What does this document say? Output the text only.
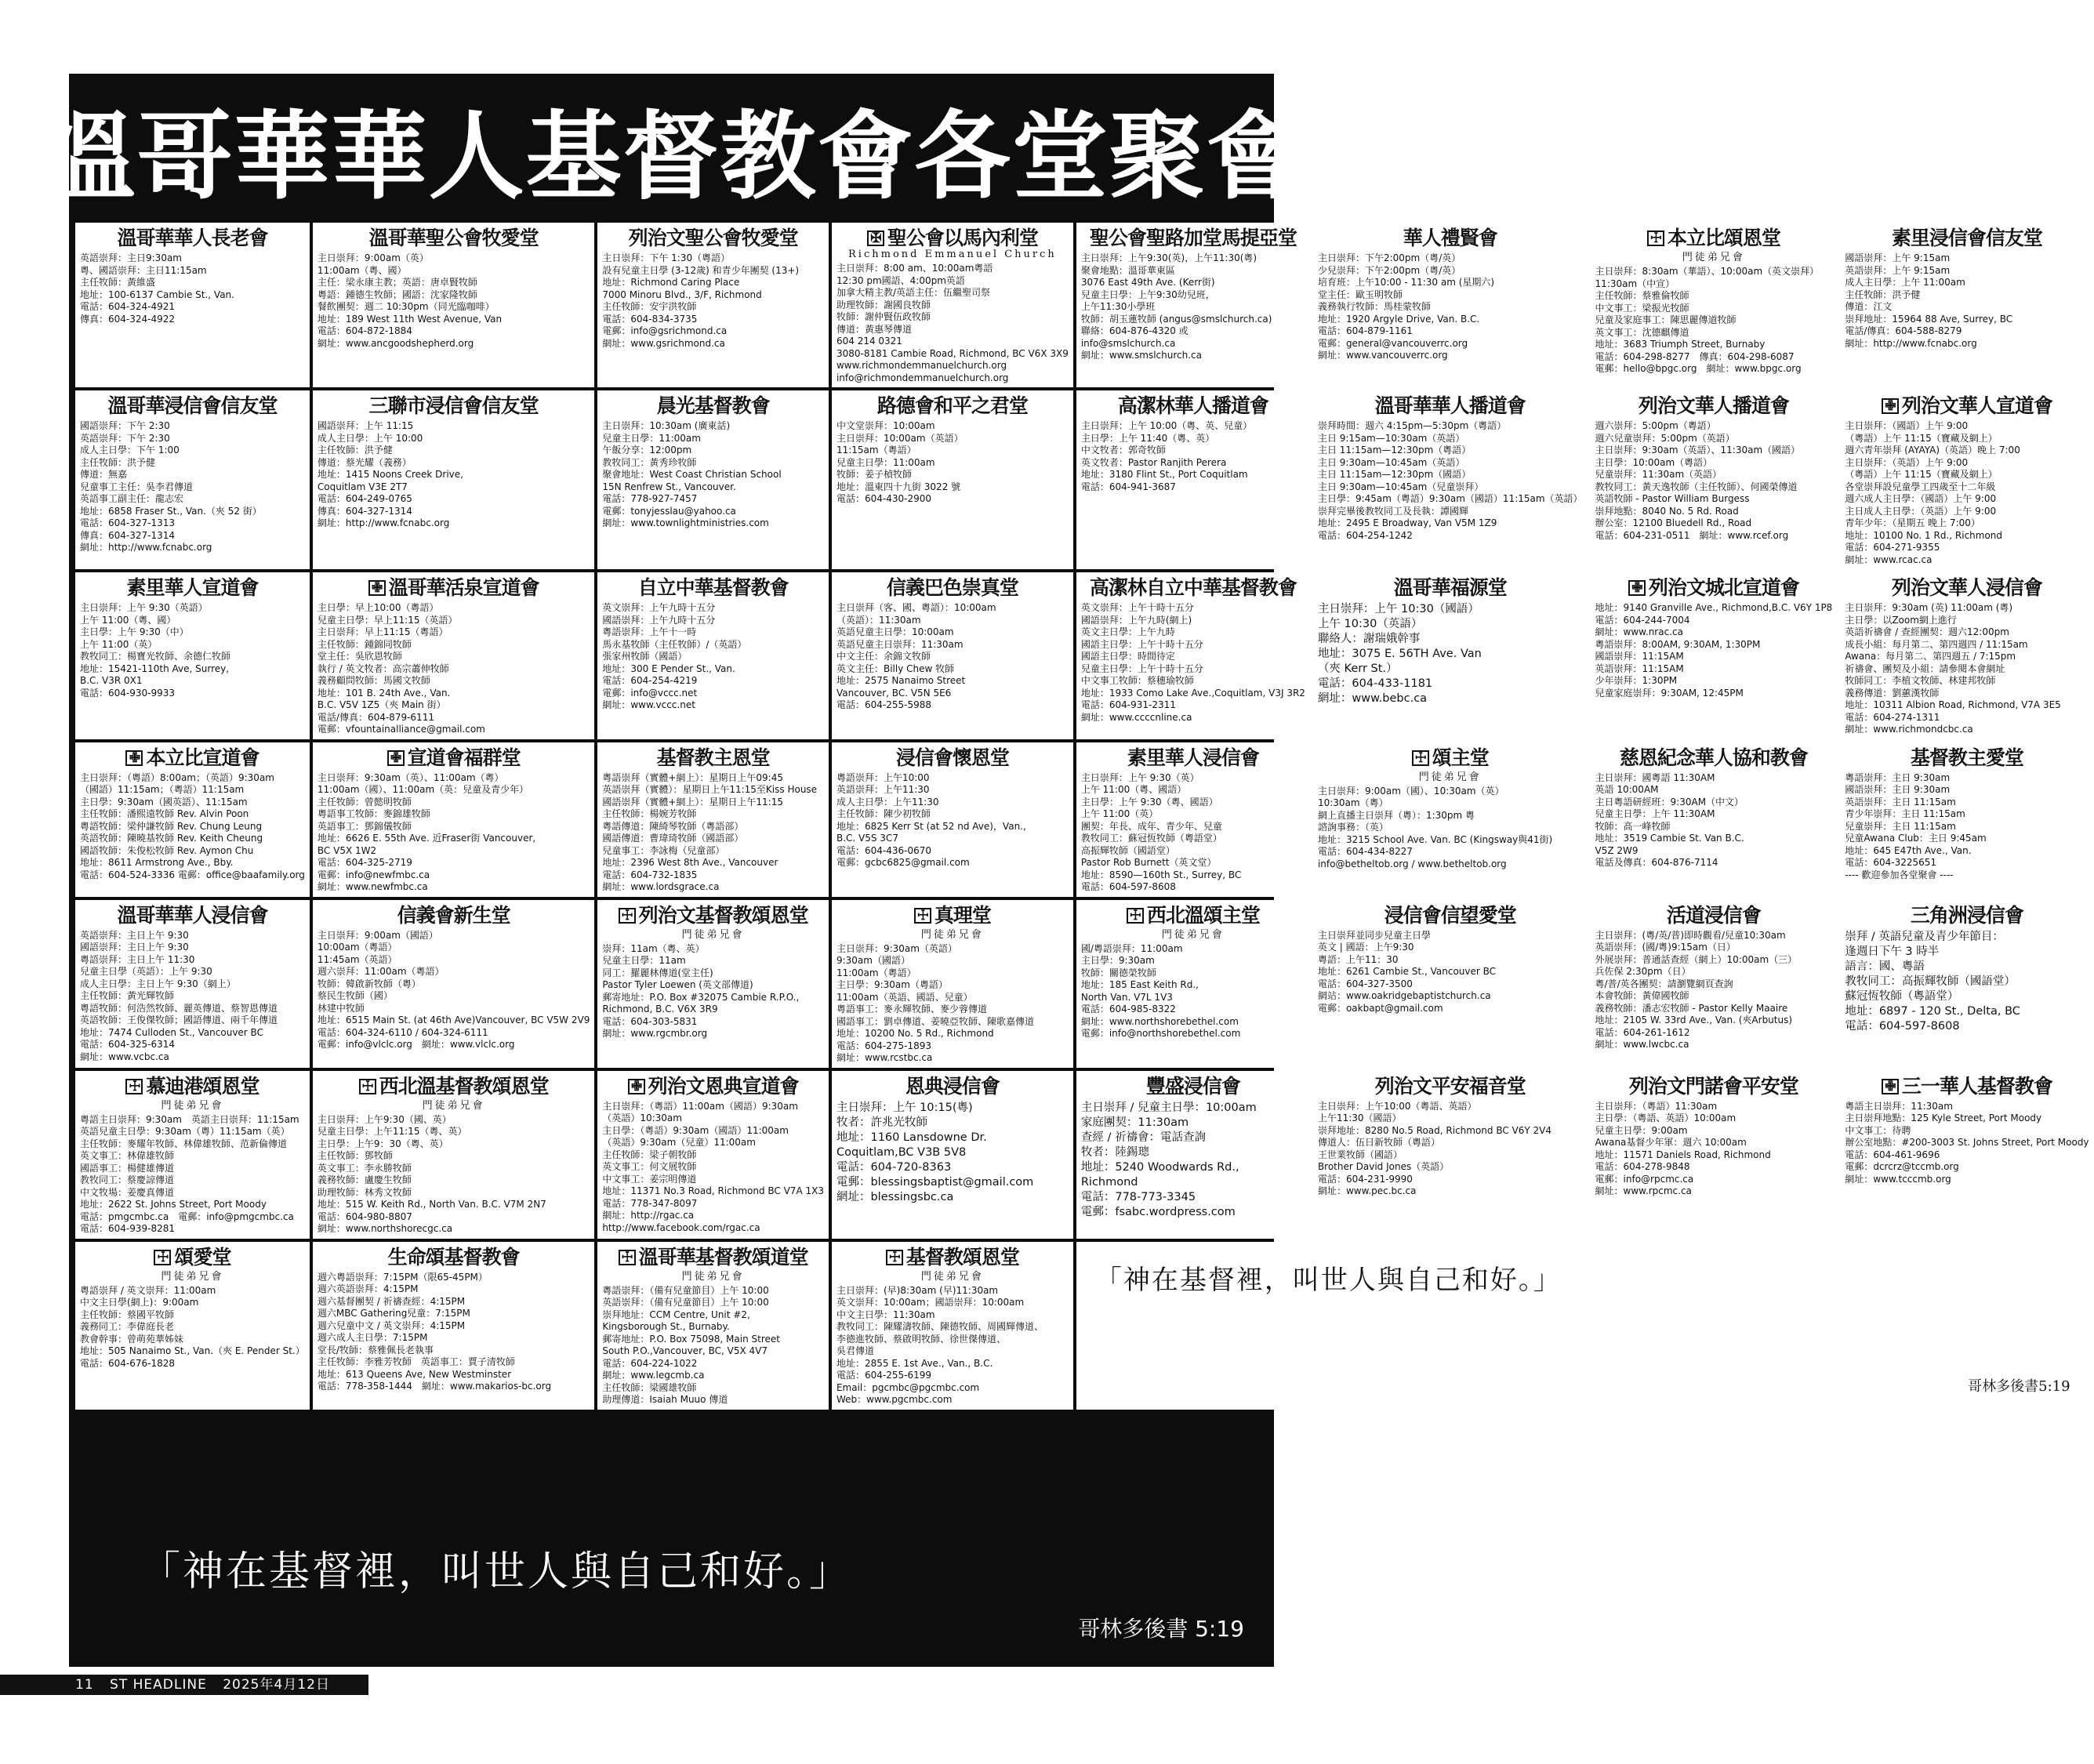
溫哥華華人基督教會各堂聚會
溫哥華華人長老會
英語崇拜：主日9:30am
粵、國語崇拜：主日11:15am
主任牧師：黃維盛
地址：100-6137 Cambie St., Van.
電話：604-324-4921
傳真：604-324-4922
溫哥華聖公會牧愛堂
主日崇拜：9:00am（英）
11:00am（粵、國）
主任：梁永康主教；英語：唐卓賢牧師
粵語：鍾德生牧師；國語：沈家隆牧師
餐飲團契：週二 10:30pm（同光臨咖啡）
地址：189 West 11th West Avenue, Van
電話：604-872-1884
網址：www.ancgoodshepherd.org
列治文聖公會牧愛堂
主日崇拜：下午 1:30（粵語）
設有兒童主日學 (3-12歲) 和青少年團契 (13+)
地址：Richmond Caring Place
7000 Minoru Blvd., 3/F, Richmond
主任牧師：安宇洪牧師
電話：604-834-3735
電郵：info@gsrichmond.ca
網址：www.gsrichmond.ca
✠ 聖公會以馬內利堂
Richmond Emmanuel Church
主日崇拜：8:00 am、10:00am粵語
12:30 pm國語、4:00pm英語
加拿大精主教/英語主任：伍繼聖司祭
助理牧師：謝國良牧師
牧師：謝仲賢伍政牧師
傳道：黃惠琴傳道
604 214 0321
3080-8181 Cambie Road, Richmond, BC V6X 3X9
www.richmondemmanuelchurch.org
info@richmondemmanuelchurch.org
聖公會聖路加堂馬提亞堂
主日崇拜：上午9:30(英)，上午11:30(粵)
聚會地點：溫哥華東區
3076 East 49th Ave. (Kerr街)
兒童主日學：上午9:30幼兒班，
上午11:30小學班
牧師：胡玉蓮牧師 (angus@smslchurch.ca)
聯絡：604-876-4320 或
info@smslchurch.ca
網址：www.smslchurch.ca
華人禮賢會
主日崇拜：下午2:00pm（粵/英）
少兒崇拜：下午2:00pm（粵/英）
培育班：上午10:00 - 11:30 am (星期六)
堂主任：歐玉明牧師
義務執行牧師：馬桂蒙牧師
地址：1920 Argyle Drive, Van. B.C.
電話：604-879-1161
電郵：general@vancouverrc.org
網址：www.vancouverrc.org
☩ 本立比頌恩堂
門徒弟兄會
主日崇拜：8:30am（華語）、10:00am（英文崇拜）
11:30am（中宣）
主任牧師：蔡雅倫牧師
中文事工：梁振光牧師
兒童及家庭事工：陳思麗傳道牧師
英文事工：沈德麒傳道
地址：3683 Triumph Street, Burnaby
電話：604-298-8277　傳真：604-298-6087
電郵：hello@bpgc.org　網址：www.bpgc.org
素里浸信會信友堂
國語崇拜：上午 9:15am
英語崇拜：上午 9:15am
成人主日學：上午 11:00am
主任牧師：洪予健
傳道：江文
崇拜地址：15964 88 Ave, Surrey, BC
電話/傳真：604-588-8279
網址：http://www.fcnabc.org
溫哥華浸信會信友堂
國語崇拜：下午 2:30
英語崇拜：下午 2:30
成人主日學：下午 1:00
主任牧師：洪予健
傳道：無嘉
兒童事工主任：吳李君傳道
英語事工副主任：龍志宏
地址：6858 Fraser St., Van.（夾 52 街）
電話：604-327-1313
傳真：604-327-1314
網址：http://www.fcnabc.org
三聯市浸信會信友堂
國語崇拜：上午 11:15
成人主日學：上午 10:00
主任牧師：洪予健
傳道：蔡光耀（義務）
地址：1415 Noons Creek Drive,
Coquitlam V3E 2T7
電話：604-249-0765
傳真：604-327-1314
網址：http://www.fcnabc.org
晨光基督教會
主日崇拜：10:30am (廣東話)
兒童主日學：11:00am
午飯分享：12:00pm
教牧同工：黃秀珍牧師
聚會地址：West Coast Christian School
15N Renfrew St., Vancouver.
電話：778-927-7457
電郵：tonyjesslau@yahoo.ca
網址：www.townlightministries.com
路德會和平之君堂
中文堂崇拜：10:00am
主日崇拜：10:00am（英語）
11:15am（粵語）
兒童主日學：11:00am
牧師：姜子楨牧師
地址：溫東四十九街 3022 號
電話：604-430-2900
高潔林華人播道會
主日崇拜：上午 10:00（粵、英、兒童）
主日學：上午 11:40（粵、英）
中文牧者：郭奇牧師
英文牧者：Pastor Ranjith Perera
地址：3180 Flint St., Port Coquitlam
電話：604-941-3687
溫哥華華人播道會
崇拜時間：週六 4:15pm—5:30pm（粵語）
主日 9:15am—10:30am（英語）
主日 11:15am—12:30pm（粵語）
主日 9:30am—10:45am（英語）
主日 11:15am—12:30pm（國語）
主日 9:30am—10:45am（兒童崇拜）
主日學：9:45am（粵語）9:30am（國語）11:15am（英語）
崇拜完畢後教牧同工及長執：譚國輝
地址：2495 E Broadway, Van V5M 1Z9
電話：604-254-1242
列治文華人播道會
週六崇拜：5:00pm（粵語）
週六兒童崇拜：5:00pm（英語）
主日崇拜：9:30am（英語）、11:30am（國語）
主日學：10:00am（粵語）
兒童崇拜：11:30am（英語）
教牧同工：黃天逸牧師（主任牧師）、何國榮傳道
英語牧師 - Pastor William Burgess
崇拜地點：8040 No. 5 Rd. Road
辦公室：12100 Bluedell Rd., Road
電話：604-231-0511　網址：www.rcef.org
✙ 列治文華人宣道會
主日崇拜：（國語）上午 9:00
（粵語）上午 11:15（寶藏及網上）
週六青年崇拜 (AYAYA)（英語）晚上 7:00
主日崇拜：（英語）上午 9:00
（粵語）上午 11:15（寶藏及網上）
各堂崇拜設兒童學工四歲至十二年級
週六成人主日學：（國語）上午 9:00
主日成人主日學：（英語）上午 9:00
青年少年：（星期五 晚上 7:00）
地址：10100 No. 1 Rd., Richmond
電話：604-271-9355
網址：www.rcac.ca
素里華人宣道會
主日崇拜：上午 9:30（英語）
上午 11:00（粵、國）
主日學：上午 9:30（中）
上午 11:00（英）
教牧同工：楊寶光牧師、余德仁牧師
地址：15421-110th Ave, Surrey,
B.C. V3R 0X1
電話：604-930-9933
✙ 溫哥華活泉宣道會
主日學：早上10:00（粵語）
兒童主日學：早上11:15（英語）
主日崇拜：早上11:15（粵語）
主任牧師：鍾錦同牧師
堂主任：吳欣恩牧師
執行 / 英文牧者：高宗蕭伸牧師
義務顧問牧師：馬國文牧師
地址：101 B. 24th Ave., Van.
B.C. V5V 1Z5（夾 Main 街）
電話/傳真：604-879-6111
電郵：vfountainalliance@gmail.com
自立中華基督教會
英文崇拜：上午九時十五分
國語崇拜：上午九時十五分
粵語崇拜：上午十一時
馬永基牧師（主任牧師）/（英語）
張家州牧師（國語）
地址：300 E Pender St., Van.
電話：604-254-4219
電郵：info@vccc.net
網址：www.vccc.net
信義巴色崇真堂
主日崇拜（客、國、粵語）：10:00am
（英語）：11:30am
英語兒童主日學：10:00am
英語兒童主日崇拜：11:30am
中文主任：余錦文牧師
英文主任：Billy Chew 牧師
地址：2575 Nanaimo Street
Vancouver, BC. V5N 5E6
電話：604-255-5988
高潔林自立中華基督教會
英文崇拜：上午十時十五分
國語崇拜：上午九時(網上)
英文主日學：上午九時
國語主日學：上午十時十五分
國語主日學：時間待定
兒童主日學：上午十時十五分
中文事工牧師：蔡穗瑜牧師
地址：1933 Como Lake Ave.,Coquitlam, V3J 3R2
電話：604-931-2311
網址：www.ccccnline.ca
溫哥華福源堂
主日崇拜：上午 10:30（國語）
上午 10:30（英語）
聯絡人：謝瑞娥幹事
地址：3075 E. 56TH Ave. Van
（夾 Kerr St.）
電話：604-433-1181
網址：www.bebc.ca
✙ 列治文城北宣道會
地址：9140 Granville Ave., Richmond,B.C. V6Y 1P8
電話：604-244-7004
網址：www.nrac.ca
粵語崇拜：8:00AM, 9:30AM, 1:30PM
國語崇拜：11:15AM
英語崇拜：11:15AM
少年崇拜：1:30PM
兒童家庭崇拜：9:30AM, 12:45PM
列治文華人浸信會
主日崇拜：9:30am (英) 11:00am (粵)
主日學：以Zoom網上進行
英語祈禱會 / 查經團契：週六12:00pm
成長小組：每月第二、第四週四 / 11:15am
Awana：每月第二、第四週五 / 7:15pm
祈禱會、團契及小組：請參閱本會網址
牧師同工：李植文牧師、林建邦牧師
義務傳道：劉蕙漢牧師
地址：10311 Albion Road, Richmond, V7A 3E5
電話：604-274-1311
網址：www.richmondcbc.ca
✙ 本立比宣道會
主日崇拜：（粵語）8:00am；（英語）9:30am
（國語）11:15am；（粵語）11:15am
主日學：9:30am（國英語）、11:15am
主任牧師：潘熙遠牧師 Rev. Alvin Poon
粵語牧師：梁仲謙牧師 Rev. Chung Leung
英語牧師：陳曉基牧師 Rev. Keith Cheung
國語牧師：朱俊松牧師 Rev. Aymon Chu
地址：8611 Armstrong Ave., Bby.
電話：604-524-3336 電郵：office@baafamily.org
✙ 宣道會福群堂
主日崇拜：9:30am（英）、11:00am（粵）
11:00am（國）、11:00am（英：兒童及青少年）
主任牧師：曾懿明牧師
粵語事工牧師：麥錦雄牧師
英語事工：鄧錦儀牧師
地址：6626 E. 55th Ave. 近Fraser街 Vancouver,
BC V5X 1W2
電話：604-325-2719
電郵：info@newfmbc.ca
網址：www.newfmbc.ca
基督教主恩堂
粵語崇拜（實體+網上）：星期日上午09:45
英語崇拜（實體）：星期日上午11:15至Kiss House
國語崇拜（實體+網上）：星期日上午11:15
主任牧師：楊婉芳牧師
粵語傳道：陳綺琴牧師（粵語部）
國語傳道：曹瑋琦牧師（國語部）
兒童事工：李詠梅（兒童部）
地址：2396 West 8th Ave., Vancouver
電話：604-732-1835
網址：www.lordsgrace.ca
浸信會懷恩堂
粵語崇拜：上午10:00
英語崇拜：上午11:30
成人主日學：上午11:30
主任牧師：陳少初牧師
地址：6825 Kerr St (at 52 nd Ave)，Van.,
B.C. V5S 3C7
電話：604-436-0670
電郵：gcbc6825@gmail.com
素里華人浸信會
主日崇拜：上午 9:30（英）
上午 11:00（粵、國語）
主日學：上午 9:30（粵、國語）
上午 11:00（英）
團契：年長、成年、青少年、兒童
教牧同工：蘇冠恆牧師（粵語堂）
高振輝牧師（國語堂）
Pastor Rob Burnett（英文堂）
地址：8590—160th St., Surrey, BC
電話：604-597-8608
☩ 頌主堂
門徒弟兄會
主日崇拜：9:00am（國）、10:30am（英）
10:30am（粵）
網上直播主日崇拜（粵）：1:30pm 粵
諮詢事務：（英）
地址：3215 School Ave. Van. BC (Kingsway與41街)
電話：604-434-8227
info@betheltob.org / www.betheltob.org
慈恩紀念華人協和教會
主日崇拜：國粵語 11:30AM
英語 10:00AM
主日粵語研經班：9:30AM（中文）
兒童主日學：上午 11:30AM
牧師：高一峰牧師
地址：3519 Cambie St. Van B.C.
V5Z 2W9
電話及傳真：604-876-7114
基督教主愛堂
粵語崇拜：主日 9:30am
國語崇拜：主日 9:30am
英語崇拜：主日 11:15am
青少年崇拜：主日 11:15am
兒童崇拜：主日 11:15am
兒童Awana Club：主日 9:45am
地址：645 E47th Ave., Van.
電話：604-3225651
---- 歡迎參加各堂聚會 ----
溫哥華華人浸信會
英語崇拜：主日上午 9:30
國語崇拜：主日上午 9:30
粵語崇拜：主日上午 11:30
兒童主日學（英語）：上午 9:30
成人主日學：主日上午 9:30（網上）
主任牧師：黃光輝牧師
粵語牧師：何浩然牧師、麗英傳道、蔡智恩傳道
英語牧師：王俊傑牧師；國語傳道、兩千年傳道
地址：7474 Culloden St., Vancouver BC
電話：604-325-6314
網址：www.vcbc.ca
信義會新生堂
主日崇拜：9:00am（國語）
10:00am（粵語）
11:45am（英語）
週六崇拜：11:00am（粵語）
牧師：韓啟新牧師（粵）
蔡民生牧師（國）
林建中牧師
地址：6515 Main St. (at 46th Ave)Vancouver, BC V5W 2V9
電話：604-324-6110 / 604-324-6111
電郵：info@vlclc.org　網址：www.vlclc.org
☩ 列治文基督教頌恩堂
門徒弟兄會
崇拜：11am（粵、英）
兒童主日學：11am
同工：羅麗林傳道(堂主任)
Pastor Tyler Loewen (英文部傳道)
郵寄地址：P.O. Box #32075 Cambie R.P.O.,
Richmond, B.C. V6X 3R9
電話：604-303-5831
網址：www.rgcmbr.org
☩ 真理堂
門徒弟兄會
主日崇拜：9:30am（英語）
9:30am（國語）
11:00am（粵語）
主日學：9:30am（粵語）
11:00am（英語、國語、兒童）
粵語事工：麥永輝牧師、麥少蓉傳道
國語事工：劉卓傳道、姜曉亞牧師、陳歌嘉傳道
地址：10200 No. 5 Rd., Richmond
電話：604-275-1893
網址：www.rcstbc.ca
☩ 西北溫頌主堂
門徒弟兄會
國/粵語崇拜：11:00am
主日學：9:30am
牧師：關德榮牧師
地址：185 East Keith Rd.,
North Van. V7L 1V3
電話：604-985-8322
網址：www.northshorebethel.com
電郵：info@northshorebethel.com
浸信會信望愛堂
主日崇拜並同步兒童主日學
英文 | 國語：上午9:30
粵語：上午11：30
地址：6261 Cambie St., Vancouver BC
電話：604-327-3500
網站：www.oakridgebaptistchurch.ca
電郵：oakbapt@gmail.com
活道浸信會
主日崇拜：(粵/英/普)即時觀看/兒童10:30am
英語崇拜：(國/粵)9:15am（日）
外展崇拜：普通話查經（網上）10:00am（三）
兵佐保 2:30pm（日）
粵/普/英各團契：請瀏覽網頁查詢
本會牧師：黃偉國牧師
義務牧師：潘志宏牧師 - Pastor Kelly Maaire
地址：2105 W. 33rd Ave., Van. (夾Arbutus)
電話：604-261-1612
網址：www.lwcbc.ca
三角洲浸信會
崇拜 / 英語兒童及青少年節目：
逢週日下午 3 時半
語言：國、粵語
教牧同工：高振輝牧師（國語堂）
蘇冠恆牧師（粵語堂）
地址：6897 - 120 St., Delta, BC
電話：604-597-8608
☩ 慕迪港頌恩堂
門徒弟兄會
粵語主日崇拜：9:30am　英語主日崇拜：11:15am
英語兒童主日學：9:30am（粵）11:15am（英）
主任牧師：麥耀年牧師、林偉雄牧師、范新倫傳道
英文事工：林偉雄牧師
國語事工：楊健雄傳道
教牧同工：蔡慶諒傳道
中文牧場：姜慶真傳道
地址：2622 St. Johns Street, Port Moody
電話：pmgcmbc.ca　電郵：info@pmgcmbc.ca
電話：604-939-8281
☩ 西北溫基督教頌恩堂
門徒弟兄會
主日崇拜：上午9:30（國、英）
兒童主日學：上午11:15（粵、英）
主日學：上午9：30（粵、英）
主任牧師：鄧牧師
英文事工：李永勝牧師
義務牧師：盧慶生牧師
助理牧師：林秀文牧師
地址：515 W. Keith Rd., North Van. B.C. V7M 2N7
電話：604-980-8807
網址：www.northshorecgc.ca
✙ 列治文恩典宣道會
主日崇拜：（粵語）11:00am（國語）9:30am
（英語）10:30am
主日學：（粵語）9:30am（國語）11:00am
（英語）9:30am（兒童）11:00am
主任牧師：梁子朝牧師
英文事工：何文展牧師
中文事工：姜宗明傳道
地址：11371 No.3 Road, Richmond BC V7A 1X3
電話：778-347-8097
網址：http://rgac.ca
http://www.facebook.com/rgac.ca
恩典浸信會
主日崇拜：上午 10:15(粵)
牧者：許兆光牧師
地址：1160 Lansdowne Dr.
Coquitlam,BC V3B 5V8
電話：604-720-8363
電郵：blessingsbaptist@gmail.com
網址：blessingsbc.ca
豐盛浸信會
主日崇拜 / 兒童主日學：10:00am
家庭團契：11:30am
查經 / 祈禱會：電話查詢
牧者：陸錫璁
地址：5240 Woodwards Rd.,
Richmond
電話：778-773-3345
電郵：fsabc.wordpress.com
列治文平安福音堂
主日崇拜：上午10:00（粵語、英語）
上午11:30（國語）
崇拜地址：8280 No.5 Road, Richmond BC V6Y 2V4
傳道人：伍日新牧師（粵語）
王世業牧師（國語）
Brother David Jones（英語）
電話：604-231-9990
網址：www.pec.bc.ca
列治文門諾會平安堂
主日崇拜：（粵語）11:30am
主日學：（粵語、英語）10:00am
兒童主日學：9:00am
Awana基督少年軍：週六 10:00am
地址：11571 Daniels Road, Richmond
電話：604-278-9848
電郵：info@rpcmc.ca
網址：www.rpcmc.ca
✙ 三一華人基督教會
粵語主日崇拜：11:30am
主日崇拜地點：125 Kyle Street, Port Moody
中文事工：待聘
辦公室地點：#200-3003 St. Johns Street, Port Moody
電話：604-461-9696
電郵：dcrcrz@tccmb.org
網址：www.tcccmb.org
☩ 頌愛堂
門徒弟兄會
粵語崇拜 / 英文崇拜：11:00am
中文主日學(網上)：9:00am
主任牧師：蔡國平牧師
義務同工：李偉庭長老
教會幹事：曾萌苑華姊妹
地址：505 Nanaimo St., Van.（夾 E. Pender St.）
電話：604-676-1828
生命頌基督教會
週六粵語崇拜：7:15PM（限65-45PM）
週六英語崇拜：4:15PM
週六基督團契 / 祈禱查經：4:15PM
週六MBC Gathering兒童：7:15PM
週六兒童中文 / 英文崇拜：4:15PM
週六成人主日學：7:15PM
堂長/牧師：蔡雅佩長老執事
主任牧師：李雅芳牧師　英語事工：賈子清牧師
地址：613 Queens Ave, New Westminster
電話：778-358-1444　網址：www.makarios-bc.org
☩ 溫哥華基督教頌道堂
門徒弟兄會
粵語崇拜：（備有兒童節目）上午 10:00
英語崇拜：（備有兒童節目）上午 10:00
崇拜地址：CCM Centre, Unit #2,
Kingsborough St., Burnaby.
郵寄地址：P.O. Box 75098, Main Street
South P.O.,Vancouver, BC, V5X 4V7
電話：604-224-1022
網址：www.legcmb.ca
主任牧師：梁國雄牧師
助理傳道：Isaiah Muuo 傳道
☩ 基督教頌恩堂
門徒弟兄會
主日崇拜：(早)8:30am (早)11:30am
英文崇拜：10:00am；國語崇拜：10:00am
中文主日學：11:30am
教牧同工：陳耀濤牧師、陳德牧師、周國輝傳道、
李德進牧師、蔡啟明牧師、徐世傑傳道、
吳君傳道
地址：2855 E. 1st Ave., Van., B.C.
電話：604-255-6199
Email：pgcmbc@pgcmbc.com
Web：www.pgcmbc.com
「神在基督裡，叫世人與自己和好。」
哥林多後書5:19
「神在基督裡，叫世人與自己和好。」
哥林多後書 5:19
11 ST HEADLINE 2025年4月12日
